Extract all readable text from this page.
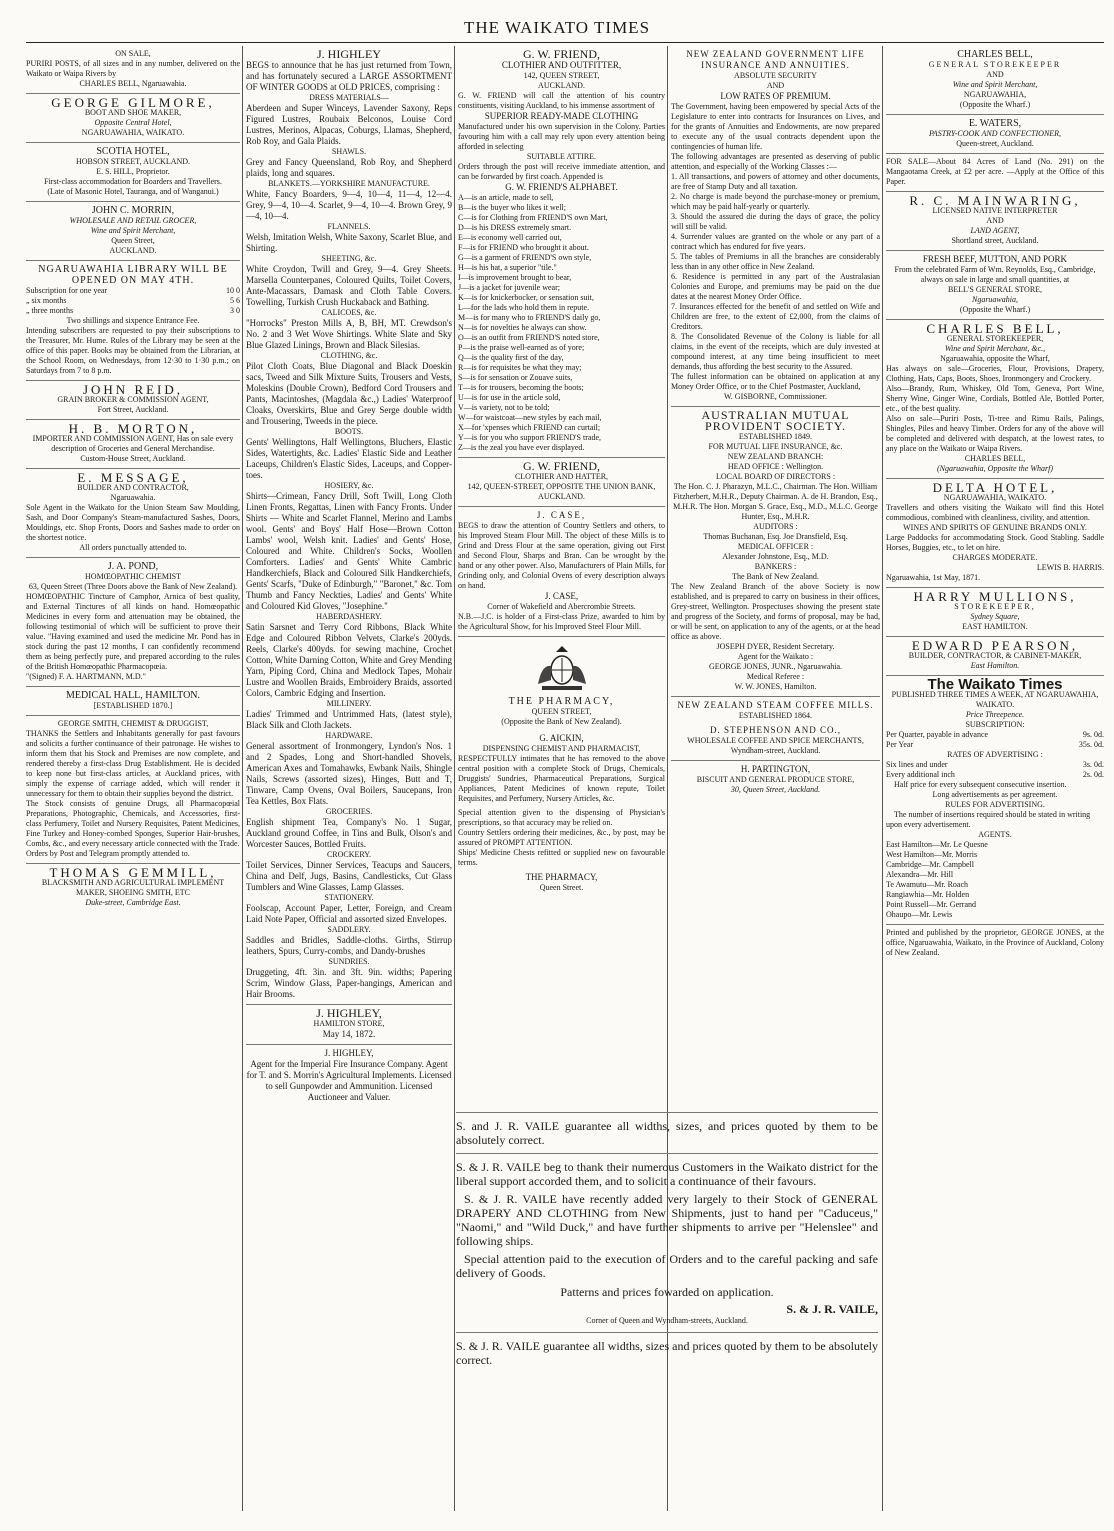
THE WAIKATO TIMES
ON SALE,
PURIRI POSTS, of all sizes and in any number, delivered on the Waikato or Waipa Rivers by
CHARLES BELL, Ngaruawahia.
GEORGE GILMORE,
BOOT AND SHOE MAKER,
Opposite Central Hotel,
NGARUAWAHIA, WAIKATO.
SCOTIA HOTEL,
HOBSON STREET, AUCKLAND.
E. S. HILL, Proprietor.
First-class accommodation for Boarders and Travellers.
(Late of Masonic Hotel, Tauranga, and of Wanganui.)
JOHN C. MORRIN,
WHOLESALE AND RETAIL GROCER,
Wine and Spirit Merchant,
Queen Street,
AUCKLAND.
NGARUAWAHIA LIBRARY WILL BE OPENED ON MAY 4TH.
Subscription for one year	10 0
„ six months	5 6
„ three months	3 0
Two shillings and sixpence Entrance Fee.
Intending subscribers are requested to pay their subscriptions to the Treasurer, Mr. Hume. Rules of the Library may be seen at the office of this paper. Books may be obtained from the Librarian, at the School Room, on Wednesdays, from 12·30 to 1·30 p.m.; on Saturdays from 7 to 8 p.m.
JOHN REID,
GRAIN BROKER & COMMISSION AGENT,
Fort Street, Auckland.
H. B. MORTON,
IMPORTER AND COMMISSION AGENT, Has on sale every description of Groceries and General Merchandise.
Custom-House Street, Auckland.
E. MESSAGE,
BUILDER AND CONTRACTOR,
Ngaruawahia.
Sole Agent in the Waikato for the Union Steam Saw Moulding, Sash, and Door Company's Steam-manufactured Sashes, Doors, Mouldings, etc. Shop Fronts, Doors and Sashes made to order on the shortest notice.
All orders punctually attended to.
J. A. POND,
HOMŒOPATHIC CHEMIST
63, Queen Street (Three Doors above the Bank of New Zealand).
HOMŒOPATHIC Tincture of Camphor, Arnica of best quality, and External Tinctures of all kinds on hand. Homœopathic Medicines in every form and attenuation may be obtained, the following testimonial of which will be sufficient to prove their value. "Having examined and used the medicine Mr. Pond has in stock during the past 12 months, I can confidently recommend them as being perfectly pure, and prepared according to the rules of the British Homœopathic Pharmacopœia.
"(Signed) F. A. HARTMANN, M.D."
MEDICAL HALL, HAMILTON.
[ESTABLISHED 1870.]
GEORGE SMITH, CHEMIST & DRUGGIST,
THANKS the Settlers and Inhabitants generally for past favours and solicits a further continuance of their patronage. He wishes to inform them that his Stock and Premises are now complete, and rendered thereby a first-class Drug Establishment. He is decided to keep none but first-class articles, at Auckland prices, with simply the expense of carriage added, which will render it unnecessary for them to obtain their supplies beyond the district.
The Stock consists of genuine Drugs, all Pharmacopœial Preparations, Photographic, Chemicals, and Accessories, first-class Perfumery, Toilet and Nursery Requisites, Patent Medicines, Fine Turkey and Honey-combed Sponges, Superior Hair-brushes, Combs, &c., and every necessary article connected with the Trade.
Orders by Post and Telegram promptly attended to.
THOMAS GEMMILL,
BLACKSMITH AND AGRICULTURAL IMPLEMENT MAKER, SHOEING SMITH, ETC
Duke-street, Cambridge East.
J. HIGHLEY
BEGS to announce that he has just returned from Town, and has fortunately secured a LARGE ASSORTMENT OF WINTER GOODS at OLD PRICES, comprising :
DRESS MATERIALS—
Aberdeen and Super Winceys, Lavender Saxony, Reps Figured Lustres, Roubaix Belconos, Louise Cord Lustres, Merinos, Alpacas, Coburgs, Llamas, Shepherd, Rob Roy, and Gala Plaids.
SHAWLS.
Grey and Fancy Queensland, Rob Roy, and Shepherd plaids, long and squares.
BLANKETS.—YORKSHIRE MANUFACTURE.
White, Fancy Boarders, 9—4, 10—4, 11—4, 12—4. Grey, 9—4, 10—4. Scarlet, 9—4, 10—4. Brown Grey, 9—4, 10—4.
FLANNELS.
Welsh, Imitation Welsh, White Saxony, Scarlet Blue, and Shirting.
SHEETING, &c.
White Croydon, Twill and Grey, 9—4. Grey Sheets. Marsella Counterpanes, Coloured Quilts, Toilet Covers, Ante-Macassars, Damask and Cloth Table Covers. Towelling, Turkish Crush Huckaback and Bathing.
CALICOES, &c.
"Horrocks" Preston Mills A, B, BH, MT. Crewdson's No. 2 and 3 Wet Wove Shirtings. White Slate and Sky Blue Glazed Linings, Brown and Black Silesias.
CLOTHING, &c.
Pilot Cloth Coats, Blue Diagonal and Black Doeskin sacs, Tweed and Silk Mixture Suits, Trousers and Vests, Moleskins (Double Crown), Bedford Cord Trousers and Pants, Macintoshes, (Magdala &c.,) Ladies' Waterproof Cloaks, Overskirts, Blue and Grey Serge double width and Trousering, Tweeds in the piece.
BOOTS.
Gents' Wellingtons, Half Wellingtons, Bluchers, Elastic Sides, Watertights, &c. Ladies' Elastic Side and Leather Laceups, Children's Elastic Sides, Laceups, and Copper-toes.
HOSIERY, &c.
Shirts—Crimean, Fancy Drill, Soft Twill, Long Cloth Linen Fronts, Regattas, Linen with Fancy Fronts. Under Shirts — White and Scarlet Flannel, Merino and Lambs wool. Gents' and Boys' Half Hose—Brown Cotton Lambs' wool, Welsh knit. Ladies' and Gents' Hose, Coloured and White. Children's Socks, Woollen Comforters. Ladies' and Gents' White Cambric Handkerchiefs, Black and Coloured Silk Handkerchiefs, Gents' Scarfs, "Duke of Edinburgh," "Baronet," &c. Tom Thumb and Fancy Neckties, Ladies' and Gents' White and Coloured Kid Gloves, "Josephine."
HABERDASHERY.
Satin Sarsnet and Terry Cord Ribbons, Black White Edge and Coloured Ribbon Velvets, Clarke's 200yds. Reels, Clarke's 400yds. for sewing machine, Crochet Cotton, White Darning Cotton, White and Grey Mending Yarn, Piping Cord, China and Medlock Tapes, Mohair Lustre and Woollen Braids, Embroidery Braids, assorted Colors, Cambric Edging and Insertion.
MILLINERY.
Ladies' Trimmed and Untrimmed Hats, (latest style), Black Silk and Cloth Jackets.
HARDWARE.
General assortment of Ironmongery, Lyndon's Nos. 1 and 2 Spades, Long and Short-handled Shovels, American Axes and Tomahawks, Ewbank Nails, Shingle Nails, Screws (assorted sizes), Hinges, Butt and T, Tinware, Camp Ovens, Oval Boilers, Saucepans, Iron Tea Kettles, Box Flats.
GROCERIES.
English shipment Tea, Company's No. 1 Sugar, Auckland ground Coffee, in Tins and Bulk, Olson's and Worcester Sauces, Bottled Fruits.
CROCKERY.
Toilet Services, Dinner Services, Teacups and Saucers, China and Delf, Jugs, Basins, Candlesticks, Cut Glass Tumblers and Wine Glasses, Lamp Glasses.
STATIONERY.
Foolscap, Account Paper, Letter, Foreign, and Cream Laid Note Paper, Official and assorted sized Envelopes.
SADDLERY.
Saddles and Bridles, Saddle-cloths. Girths, Stirrup leathers, Spurs, Curry-combs, and Dandy-brushes
SUNDRIES.
Druggeting, 4ft. 3in. and 3ft. 9in. widths; Papering Scrim, Window Glass, Paper-hangings, American and Hair Brooms.
J. HIGHLEY,
HAMILTON STORE,
May 14, 1872.
J. HIGHLEY,
Agent for the Imperial Fire Insurance Company. Agent for T. and S. Morrin's Agricultural Implements. Licensed to sell Gunpowder and Ammunition. Licensed Auctioneer and Valuer.
G. W. FRIEND,
CLOTHIER AND OUTFITTER,
142, QUEEN STREET,
AUCKLAND.
G. W. FRIEND will call the attention of his country constituents, visiting Auckland, to his immense assortment of
SUPERIOR READY-MADE CLOTHING
Manufactured under his own supervision in the Colony. Parties favouring him with a call may rely upon every attention being afforded in selecting
SUITABLE ATTIRE.
Orders through the post will receive immediate attention, and can be forwarded by first coach. Appended is
G. W. FRIEND'S ALPHABET.
A—is an article, made to sell,
B—is the buyer who likes it well;
C—is for Clothing from FRIEND'S own Mart,
D—is his DRESS extremely smart.
E—is economy well carried out,
F—is for FRIEND who brought it about.
G—is a garment of FRIEND'S own style,
H—is his hat, a superior "tile."
I—is improvement brought to bear,
J—is a jacket for juvenile wear;
K—is for knickerbocker, or sensation suit,
L—for the lads who hold them in repute.
M—is for many who to FRIEND'S daily go,
N—is for novelties he always can show.
O—is an outfit from FRIEND'S noted store,
P—is the praise well-earned as of yore;
Q—is the quality first of the day,
R—is for requisites be what they may;
S—is for sensation or Zouave suits,
T—is for trousers, becoming the boots;
U—is for use in the article sold,
V—is variety, not to be told;
W—for waistcoat—new styles by each mail,
X—for 'xpenses which FRIEND can curtail;
Y—is for you who support FRIEND'S trade,
Z—is the zeal you have ever displayed.
G. W. FRIEND,
CLOTHIER AND HATTER,
142, QUEEN-STREET, OPPOSITE THE UNION BANK,
AUCKLAND.
J. CASE,
BEGS to draw the attention of Country Settlers and others, to his Improved Steam Flour Mill. The object of these Mills is to Grind and Dress Flour at the same operation, giving out First and Second Flour, Sharps and Bran. Can be wrought by the hand or any other power. Also, Manufacturers of Plain Mills, for Grinding only, and Colonial Ovens of every description always on hand.
J. CASE,
Corner of Wakefield and Abercrombie Streets.
N.B.—J.C. is holder of a First-class Prize, awarded to him by the Agricultural Show, for his Improved Steel Flour Mill.
THE PHARMACY,
QUEEN STREET,
(Opposite the Bank of New Zealand).
G. AICKIN,
DISPENSING CHEMIST AND PHARMACIST,
RESPECTFULLY intimates that he has removed to the above central position with a complete Stock of Drugs, Chemicals, Druggists' Sundries, Pharmaceutical Preparations, Surgical Appliances, Patent Medicines of known repute, Toilet Requisites, and Perfumery, Nursery Articles, &c.
Special attention given to the dispensing of Physician's prescriptions, so that accuracy may be relied on.
Country Settlers ordering their medicines, &c., by post, may be assured of PROMPT ATTENTION.
Ships' Medicine Chests refitted or supplied new on favourable terms.
THE PHARMACY,
Queen Street.
NEW ZEALAND GOVERNMENT LIFE INSURANCE AND ANNUITIES.
ABSOLUTE SECURITY
AND
LOW RATES OF PREMIUM.
The Government, having been empowered by special Acts of the Legislature to enter into contracts for Insurances on Lives, and for the grants of Annuities and Endowments, are now prepared to execute any of the usual contracts dependent upon the contingencies of human life.
The following advantages are presented as deserving of public attention, and especially of the Working Classes :—
1. All transactions, and powers of attorney and other documents, are free of Stamp Duty and all taxation.
2. No charge is made beyond the purchase-money or premium, which may be paid half-yearly or quarterly.
3. Should the assured die during the days of grace, the policy will still be valid.
4. Surrender values are granted on the whole or any part of a contract which has endured for five years.
5. The tables of Premiums in all the branches are considerably less than in any other office in New Zealand.
6. Residence is permitted in any part of the Australasian Colonies and Europe, and premiums may be paid on the due dates at the nearest Money Order Office.
7. Insurances effected for the benefit of and settled on Wife and Children are free, to the extent of £2,000, from the claims of Creditors.
8. The Consolidated Revenue of the Colony is liable for all claims, in the event of the receipts, which are duly invested at compound interest, at any time being insufficient to meet demands, thus affording the best security to the Assured.
The fullest information can be obtained on application at any Money Order Office, or to the Chief Postmaster, Auckland,
W. GISBORNE, Commissioner.
AUSTRALIAN MUTUAL PROVIDENT SOCIETY.
ESTABLISHED 1849.
FOR MUTUAL LIFE INSURANCE, &c.
NEW ZEALAND BRANCH:
HEAD OFFICE : Wellington.
LOCAL BOARD OF DIRECTORS :
The Hon. C. J. Pharazyn, M.L.C., Chairman. The Hon. William Fitzherbert, M.H.R., Deputy Chairman. A. de H. Brandon, Esq., M.H.R. The Hon. Morgan S. Grace, Esq., M.D., M.L.C. George Hunter, Esq., M.H.R.
AUDITORS :
Thomas Buchanan, Esq. Joe Dransfield, Esq.
MEDICAL OFFICER :
Alexander Johnstone, Esq., M.D.
BANKERS :
The Bank of New Zealand.
The New Zealand Branch of the above Society is now established, and is prepared to carry on business in their offices, Grey-street, Wellington. Prospectuses showing the present state and progress of the Society, and forms of proposal, may be had, or will be sent, on application to any of the agents, or at the head office as above.
JOSEPH DYER, Resident Secretary.
Agent for the Waikato :
GEORGE JONES, JUNR., Ngaruawahia.
Medical Referee :
W. W. JONES, Hamilton.
NEW ZEALAND STEAM COFFEE MILLS.
ESTABLISHED 1864.
D. STEPHENSON AND CO.,
WHOLESALE COFFEE AND SPICE MERCHANTS,
Wyndham-street, Auckland.
H. PARTINGTON,
BISCUIT AND GENERAL PRODUCE STORE,
30, Queen Street, Auckland.
CHARLES BELL,
GENERAL STOREKEEPER
AND
Wine and Spirit Merchant,
NGARUAWAHIA,
(Opposite the Wharf.)
E. WATERS,
PASTRY-COOK AND CONFECTIONER,
Queen-street, Auckland.
FOR SALE—About 84 Acres of Land (No. 291) on the Mangaotama Creek, at £2 per acre. —Apply at the Office of this Paper.
R. C. MAINWARING,
LICENSED NATIVE INTERPRETER
AND
LAND AGENT,
Shortland street, Auckland.
FRESH BEEF, MUTTON, AND PORK
From the celebrated Farm of Wm. Reynolds, Esq., Cambridge, always on sale in large and small quantities, at
BELL'S GENERAL STORE,
Ngaruawahia,
(Opposite the Wharf.)
CHARLES BELL,
GENERAL STOREKEEPER,
Wine and Spirit Merchant, &c.,
Ngaruawahia, opposite the Wharf,
Has always on sale—Groceries, Flour, Provisions, Drapery, Clothing, Hats, Caps, Boots, Shoes, Ironmongery and Crockery.
Also—Brandy, Rum, Whiskey, Old Tom, Geneva, Port Wine, Sherry Wine, Ginger Wine, Cordials, Bottled Ale, Bottled Porter, etc., of the best quality.
Also on sale—Puriri Posts, Ti-tree and Rimu Rails, Palings, Shingles, Piles and heavy Timber. Orders for any of the above will be completed and delivered with despatch, at the lowest rates, to any place on the Waikato or Waipa Rivers.
CHARLES BELL,
(Ngaruawahia, Opposite the Wharf)
DELTA HOTEL,
NGARUAWAHIA, WAIKATO.
Travellers and others visiting the Waikato will find this Hotel commodious, combined with cleanliness, civility, and attention.
WINES AND SPIRITS OF GENUINE BRANDS ONLY.
Large Paddocks for accommodating Stock. Good Stabling. Saddle Horses, Buggies, etc., to let on hire.
CHARGES MODERATE.
LEWIS B. HARRIS.
Ngaruawahia, 1st May, 1871.
HARRY MULLIONS,
STOREKEEPER,
Sydney Square,
EAST HAMILTON.
EDWARD PEARSON,
BUILDER, CONTRACTOR, & CABINET-MAKER,
East Hamilton.
The Waikato Times
PUBLISHED THREE TIMES A WEEK, AT NGARUAWAHIA, WAIKATO.
Price Threepence.
SUBSCRIPTION:
Per Quarter, payable in advance	9s. 0d.
Per Year	35s. 0d.
RATES OF ADVERTISING :
Six lines and under	3s. 0d.
Every additional inch	2s. 0d.
Half price for every subsequent consecutive insertion.
Long advertisements as per agreement.
RULES FOR ADVERTISING.
The number of insertions required should be stated in writing upon every advertisement.
AGENTS.
East Hamilton—Mr. Le Quesne
West Hamilton—Mr. Morris
Cambridge—Mr. Campbell
Alexandra—Mr. Hill
Te Awamutu—Mr. Roach
Rangiawhia—Mr. Holden
Point Russell—Mr. Gerrand
Ohaupo—Mr. Lewis
Printed and published by the proprietor, GEORGE JONES, at the office, Ngaruawahia, Waikato, in the Province of Auckland, Colony of New Zealand.
S. and J. R. VAILE guarantee all widths, sizes, and prices quoted by them to be absolutely correct.
S. & J. R. VAILE beg to thank their numerous Customers in the Waikato district for the liberal support accorded them, and to solicit a continuance of their favours.
S. & J. R. VAILE have recently added very largely to their Stock of GENERAL DRAPERY AND CLOTHING from New Shipments, just to hand per "Caduceus," "Naomi," and "Wild Duck," and have further shipments to arrive per "Helenslee" and following ships.
Special attention paid to the execution of Orders and to the careful packing and safe delivery of Goods.
Patterns and prices fowarded on application.
S. & J. R. VAILE,
Corner of Queen and Wyndham-streets, Auckland.
S. & J. R. VAILE guarantee all widths, sizes and prices quoted by them to be absolutely correct.
